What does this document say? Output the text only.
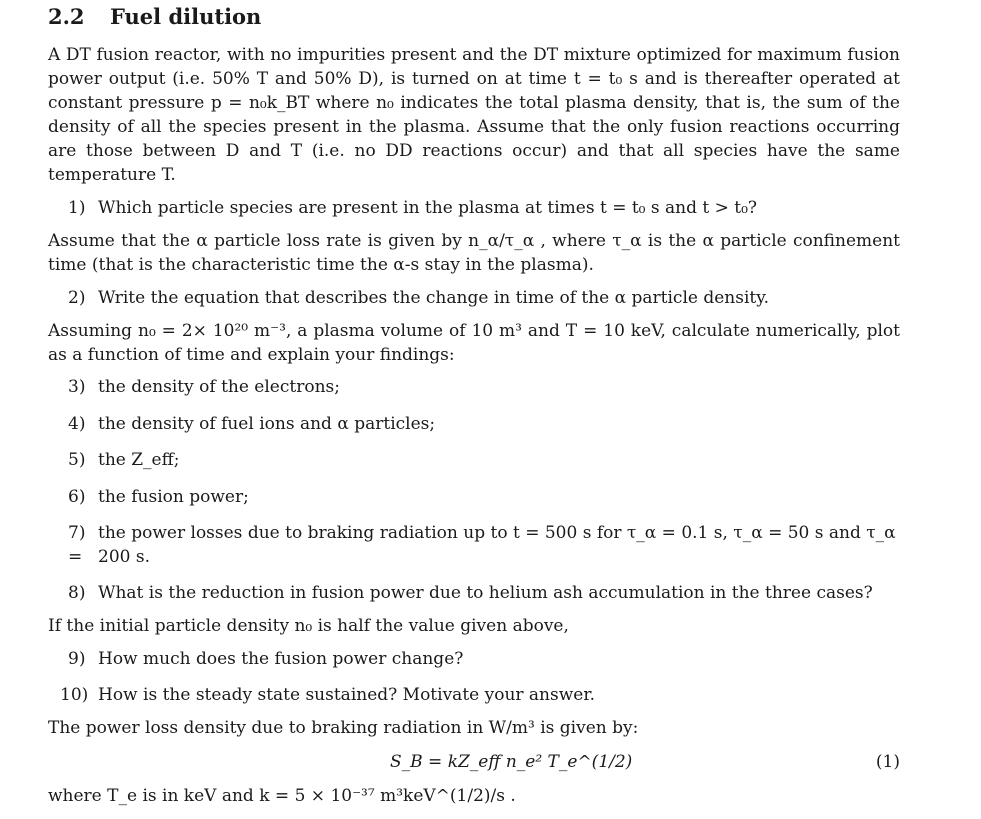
2.2 Fuel dilution
A DT fusion reactor, with no impurities present and the DT mixture optimized for maximum fusion power output (i.e. 50% T and 50% D), is turned on at time t = t₀ s and is thereafter operated at constant pressure p = n₀k_BT where n₀ indicates the total plasma density, that is, the sum of the density of all the species present in the plasma. Assume that the only fusion reactions occurring are those between D and T (i.e. no DD reactions occur) and that all species have the same temperature T.
1) Which particle species are present in the plasma at times t = t₀ s and t > t₀?
Assume that the α particle loss rate is given by n_α/τ_α , where τ_α is the α particle confinement time (that is the characteristic time the α-s stay in the plasma).
2) Write the equation that describes the change in time of the α particle density.
Assuming n₀ = 2× 10²⁰ m⁻³, a plasma volume of 10 m³ and T = 10 keV, calculate numerically, plot as a function of time and explain your findings:
3) the density of the electrons;
4) the density of fuel ions and α particles;
5) the Z_eff;
6) the fusion power;
7) the power losses due to braking radiation up to t = 500 s for τ_α = 0.1 s, τ_α = 50 s and τ_α = 200 s.
8) What is the reduction in fusion power due to helium ash accumulation in the three cases?
If the initial particle density n₀ is half the value given above,
9) How much does the fusion power change?
10) How is the steady state sustained? Motivate your answer.
The power loss density due to braking radiation in W/m³ is given by:
S_B = kZ_eff n_e² T_e^(1/2)	(1)
where T_e is in keV and k = 5 × 10⁻³⁷ m³keV^(1/2)/s .
